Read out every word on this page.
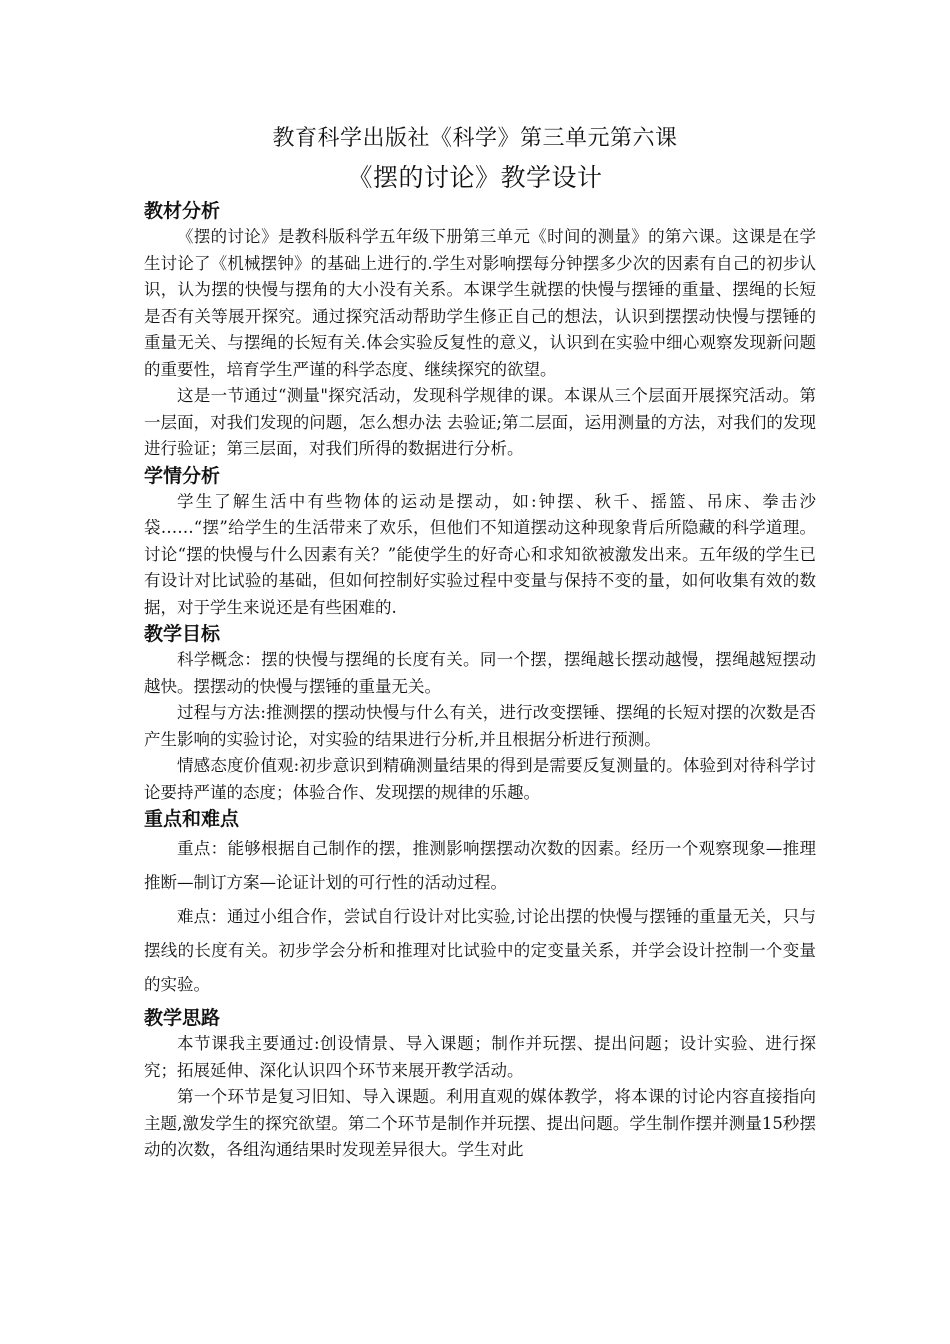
教育科学出版社《科学》第三单元第六课
《摆的讨论》教学设计
教材分析

《摆的讨论》是教科版科学五年级下册第三单元《时间的测量》的第六课。这课是在学生讨论了《机械摆钟》的基础上进行的.学生对影响摆每分钟摆多少次的因素有自己的初步认识，认为摆的快慢与摆角的大小没有关系。本课学生就摆的快慢与摆锤的重量、摆绳的长短是否有关等展开探究。通过探究活动帮助学生修正自己的想法，认识到摆摆动快慢与摆锤的重量无关、与摆绳的长短有关.体会实验反复性的意义，认识到在实验中细心观察发现新问题的重要性，培育学生严谨的科学态度、继续探究的欲望。

这是一节通过“测量"探究活动，发现科学规律的课。本课从三个层面开展探究活动。第一层面，对我们发现的问题，怎么想办法 去验证;第二层面，运用测量的方法，对我们的发现进行验证；第三层面，对我们所得的数据进行分析。

学情分析

学生了解生活中有些物体的运动是摆动，如:钟摆、秋千、摇篮、吊床、拳击沙袋……“摆”给学生的生活带来了欢乐，但他们不知道摆动这种现象背后所隐藏的科学道理。讨论“摆的快慢与什么因素有关？”能使学生的好奇心和求知欲被激发出来。五年级的学生已有设计对比试验的基础，但如何控制好实验过程中变量与保持不变的量，如何收集有效的数据，对于学生来说还是有些困难的.

教学目标

科学概念：摆的快慢与摆绳的长度有关。同一个摆，摆绳越长摆动越慢，摆绳越短摆动越快。摆摆动的快慢与摆锤的重量无关。

过程与方法:推测摆的摆动快慢与什么有关，进行改变摆锤、摆绳的长短对摆的次数是否产生影响的实验讨论，对实验的结果进行分析,并且根据分析进行预测。

情感态度价值观:初步意识到精确测量结果的得到是需要反复测量的。体验到对待科学讨论要持严谨的态度；体验合作、发现摆的规律的乐趣。

重点和难点

重点：能够根据自己制作的摆，推测影响摆摆动次数的因素。经历一个观察现象—推理推断—制订方案—论证计划的可行性的活动过程。

难点：通过小组合作，尝试自行设计对比实验,讨论出摆的快慢与摆锤的重量无关，只与摆线的长度有关。初步学会分析和推理对比试验中的定变量关系，并学会设计控制一个变量的实验。

教学思路

本节课我主要通过:创设情景、导入课题；制作并玩摆、提出问题；设计实验、进行探究；拓展延伸、深化认识四个环节来展开教学活动。

第一个环节是复习旧知、导入课题。利用直观的媒体教学，将本课的讨论内容直接指向主题,激发学生的探究欲望。第二个环节是制作并玩摆、提出问题。学生制作摆并测量15秒摆动的次数，各组沟通结果时发现差异很大。学生对此
